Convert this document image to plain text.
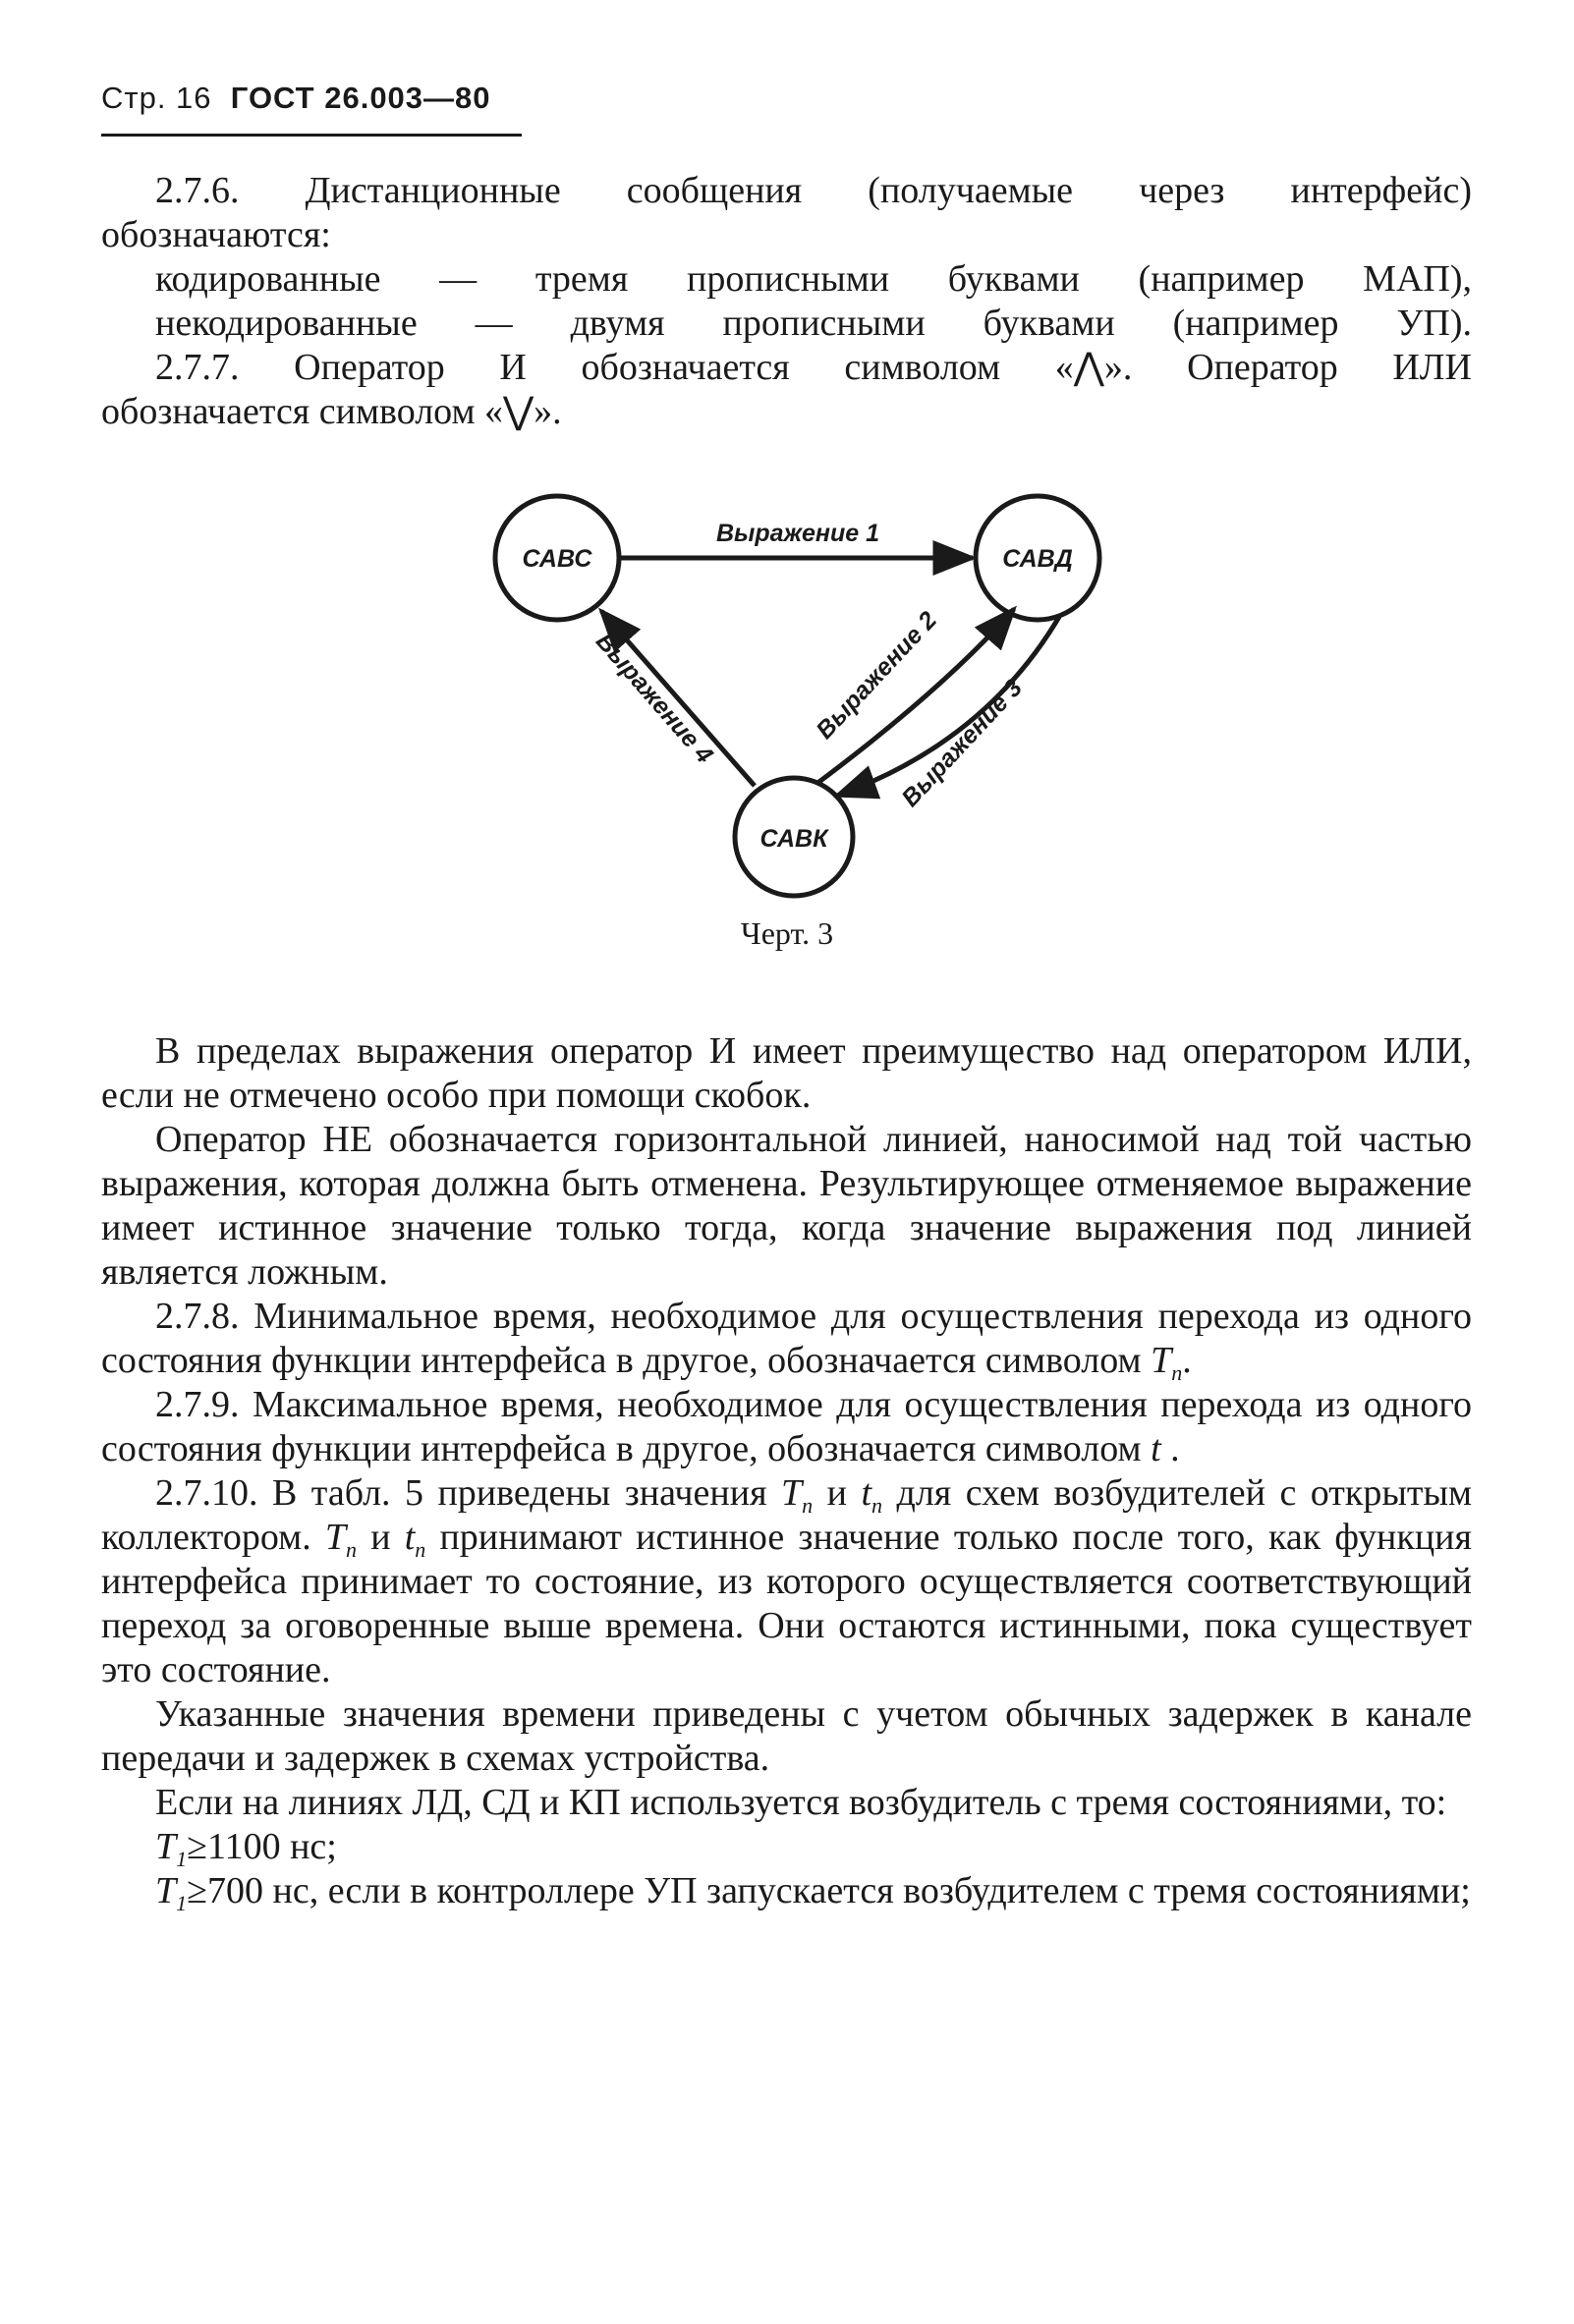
Стр. 16 ГОСТ 26.003—80

2.7.6. Дистанционные сообщения (получаемые через интерфейс)

обозначаются:

кодированные — тремя прописными буквами (например МАП),

некодированные — двумя прописными буквами (например УП).

2.7.7. Оператор И обозначается символом «⋀». Оператор ИЛИ

обозначается символом «⋁».

САВС	САВД
САВК
Выражение 1
Выражение 2
Выражение 3
Выражение 4
Черт. 3

В пределах выражения оператор И имеет преимущество над оператором ИЛИ, если не отмечено особо при помощи скобок.

Оператор НЕ обозначается горизонтальной линией, наносимой над той частью выражения, которая должна быть отменена. Результирующее отменяемое выражение имеет истинное значение только тогда, когда значение выражения под линией является ложным.

2.7.8. Минимальное время, необходимое для осуществления перехода из одного состояния функции интерфейса в другое, обозначается символом $T_n$.

2.7.9. Максимальное время, необходимое для осуществления перехода из одного состояния функции интерфейса в другое, обозначается символом t .

2.7.10. В табл. 5 приведены значения $T_n$ и $t_n$ для схем возбудителей с открытым коллектором. $T_n$ и $t_n$ принимают истинное значение только после того, как функция интерфейса принимает то состояние, из которого осуществляется соответствующий переход за оговоренные выше времена. Они остаются истинными, пока существует это состояние.

Указанные значения времени приведены с учетом обычных задержек в канале передачи и задержек в схемах устройства.

Если на линиях ЛД, СД и КП используется возбудитель с тремя состояниями, то:

$T_1\ge 1100$ нс;

$T_1\ge 700$ нс, если в контроллере УП запускается возбудителем с тремя состояниями;
